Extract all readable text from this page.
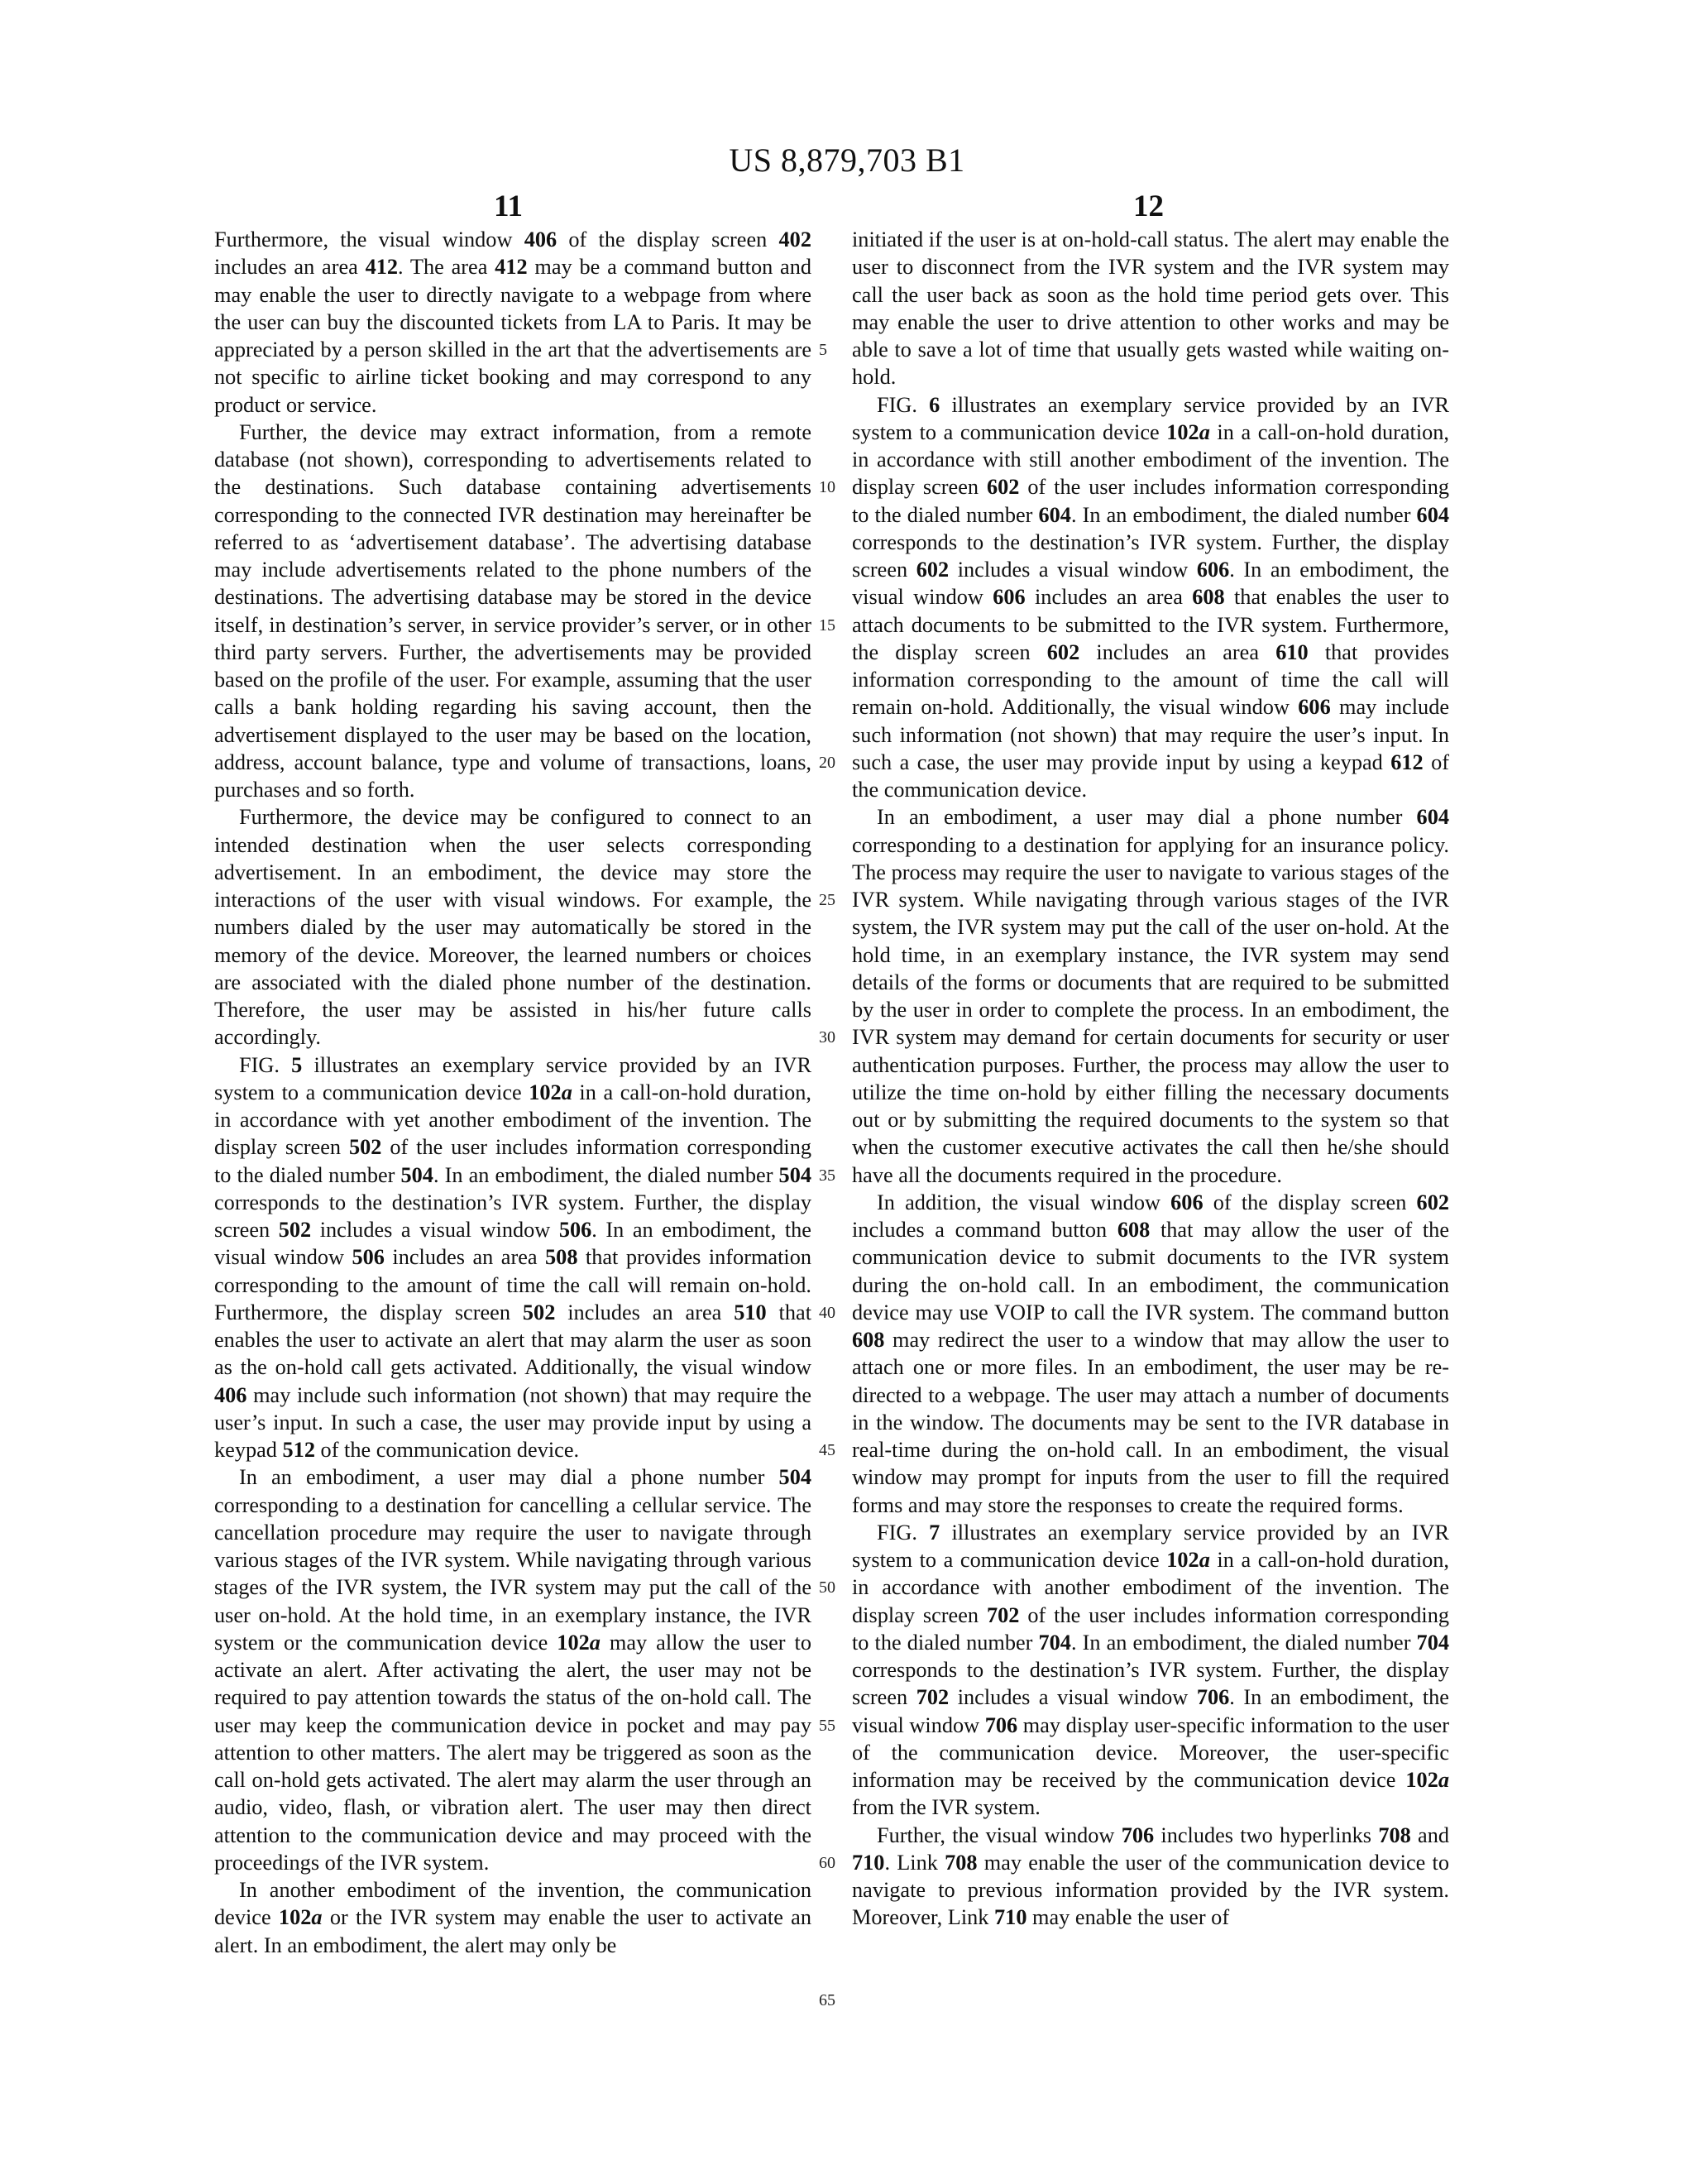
US 8,879,703 B1
11	12

Furthermore, the visual window 406 of the display screen 402 includes an area 412. The area 412 may be a command button and may enable the user to directly navigate to a webpage from where the user can buy the discounted tickets from LA to Paris. It may be appreciated by a person skilled in the art that the advertisements are not specific to airline ticket booking and may correspond to any product or service.

Further, the device may extract information, from a remote database (not shown), corresponding to advertisements related to the destinations. Such database containing advertisements corresponding to the connected IVR destination may hereinafter be referred to as ‘advertisement database’. The advertising database may include advertisements related to the phone numbers of the destinations. The advertising database may be stored in the device itself, in destination’s server, in service provider’s server, or in other third party servers. Further, the advertisements may be provided based on the profile of the user. For example, assuming that the user calls a bank holding regarding his saving account, then the advertisement displayed to the user may be based on the location, address, account balance, type and volume of transactions, loans, purchases and so forth.

Furthermore, the device may be configured to connect to an intended destination when the user selects corresponding advertisement. In an embodiment, the device may store the interactions of the user with visual windows. For example, the numbers dialed by the user may automatically be stored in the memory of the device. Moreover, the learned numbers or choices are associated with the dialed phone number of the destination. Therefore, the user may be assisted in his/her future calls accordingly.

FIG. 5 illustrates an exemplary service provided by an IVR system to a communication device 102a in a call-on-hold duration, in accordance with yet another embodiment of the invention. The display screen 502 of the user includes information corresponding to the dialed number 504. In an embodiment, the dialed number 504 corresponds to the destination’s IVR system. Further, the display screen 502 includes a visual window 506. In an embodiment, the visual window 506 includes an area 508 that provides information corresponding to the amount of time the call will remain on-hold. Furthermore, the display screen 502 includes an area 510 that enables the user to activate an alert that may alarm the user as soon as the on-hold call gets activated. Additionally, the visual window 406 may include such information (not shown) that may require the user’s input. In such a case, the user may provide input by using a keypad 512 of the communication device.

In an embodiment, a user may dial a phone number 504 corresponding to a destination for cancelling a cellular service. The cancellation procedure may require the user to navigate through various stages of the IVR system. While navigating through various stages of the IVR system, the IVR system may put the call of the user on-hold. At the hold time, in an exemplary instance, the IVR system or the communication device 102a may allow the user to activate an alert. After activating the alert, the user may not be required to pay attention towards the status of the on-hold call. The user may keep the communication device in pocket and may pay attention to other matters. The alert may be triggered as soon as the call on-hold gets activated. The alert may alarm the user through an audio, video, flash, or vibration alert. The user may then direct attention to the communication device and may proceed with the proceedings of the IVR system.

In another embodiment of the invention, the communication device 102a or the IVR system may enable the user to activate an alert. In an embodiment, the alert may only be

initiated if the user is at on-hold-call status. The alert may enable the user to disconnect from the IVR system and the IVR system may call the user back as soon as the hold time period gets over. This may enable the user to drive attention to other works and may be able to save a lot of time that usually gets wasted while waiting on-hold.

FIG. 6 illustrates an exemplary service provided by an IVR system to a communication device 102a in a call-on-hold duration, in accordance with still another embodiment of the invention. The display screen 602 of the user includes information corresponding to the dialed number 604. In an embodiment, the dialed number 604 corresponds to the destination’s IVR system. Further, the display screen 602 includes a visual window 606. In an embodiment, the visual window 606 includes an area 608 that enables the user to attach documents to be submitted to the IVR system. Furthermore, the display screen 602 includes an area 610 that provides information corresponding to the amount of time the call will remain on-hold. Additionally, the visual window 606 may include such information (not shown) that may require the user’s input. In such a case, the user may provide input by using a keypad 612 of the communication device.

In an embodiment, a user may dial a phone number 604 corresponding to a destination for applying for an insurance policy. The process may require the user to navigate to various stages of the IVR system. While navigating through various stages of the IVR system, the IVR system may put the call of the user on-hold. At the hold time, in an exemplary instance, the IVR system may send details of the forms or documents that are required to be submitted by the user in order to complete the process. In an embodiment, the IVR system may demand for certain documents for security or user authentication purposes. Further, the process may allow the user to utilize the time on-hold by either filling the necessary documents out or by submitting the required documents to the system so that when the customer executive activates the call then he/she should have all the documents required in the procedure.

In addition, the visual window 606 of the display screen 602 includes a command button 608 that may allow the user of the communication device to submit documents to the IVR system during the on-hold call. In an embodiment, the communication device may use VOIP to call the IVR system. The command button 608 may redirect the user to a window that may allow the user to attach one or more files. In an embodiment, the user may be re-directed to a webpage. The user may attach a number of documents in the window. The documents may be sent to the IVR database in real-time during the on-hold call. In an embodiment, the visual window may prompt for inputs from the user to fill the required forms and may store the responses to create the required forms.

FIG. 7 illustrates an exemplary service provided by an IVR system to a communication device 102a in a call-on-hold duration, in accordance with another embodiment of the invention. The display screen 702 of the user includes information corresponding to the dialed number 704. In an embodiment, the dialed number 704 corresponds to the destination’s IVR system. Further, the display screen 702 includes a visual window 706. In an embodiment, the visual window 706 may display user-specific information to the user of the communication device. Moreover, the user-specific information may be received by the communication device 102a from the IVR system.

Further, the visual window 706 includes two hyperlinks 708 and 710. Link 708 may enable the user of the communication device to navigate to previous information provided by the IVR system. Moreover, Link 710 may enable the user of

5
10
15
20
25
30
35
40
45
50
55
60
65
